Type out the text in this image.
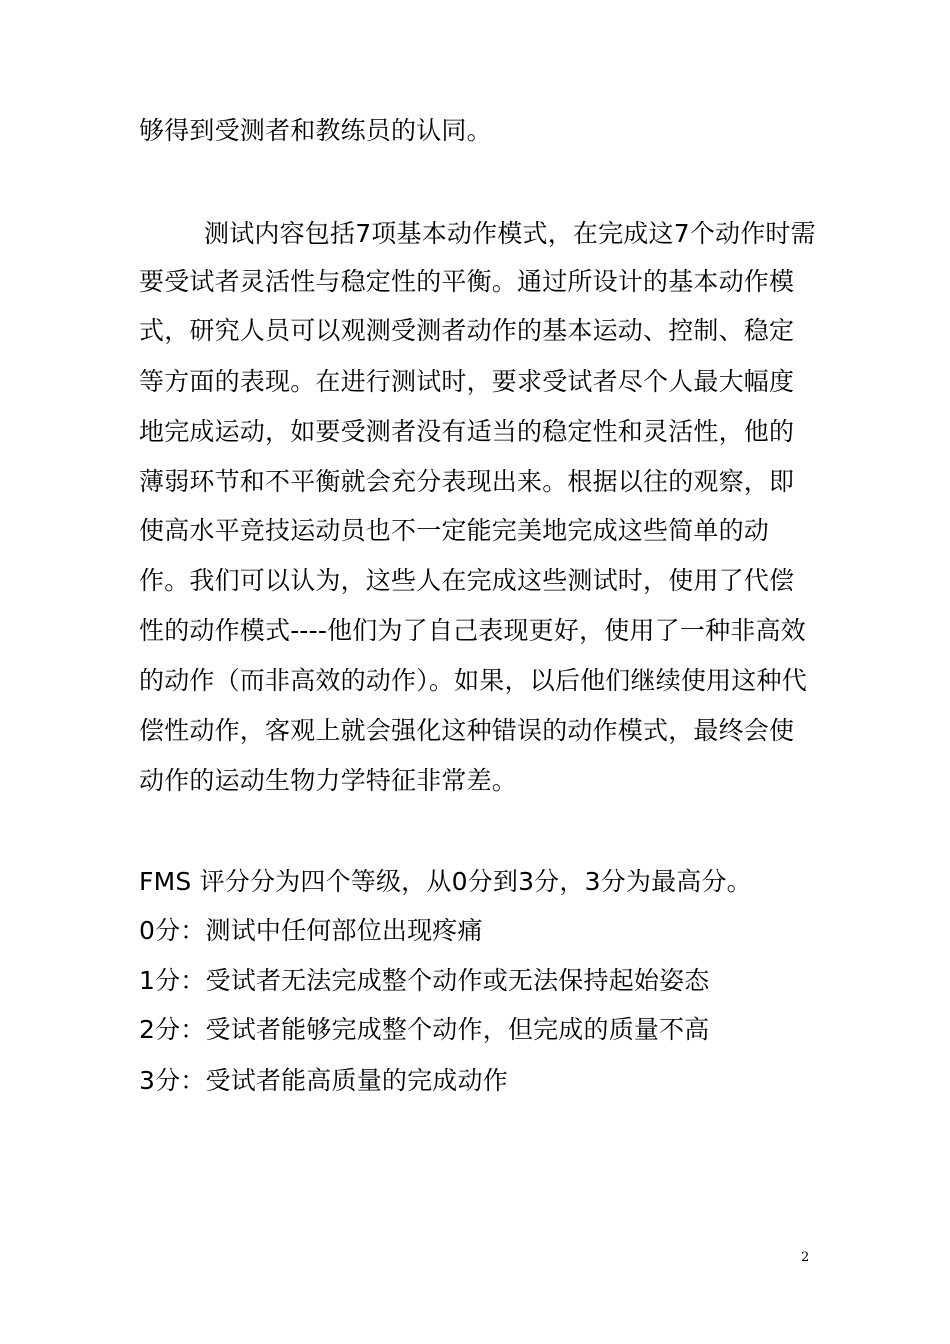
够得到受测者和教练员的认同。
测试内容包括7项基本动作模式，在完成这7个动作时需
要受试者灵活性与稳定性的平衡。通过所设计的基本动作模
式，研究人员可以观测受测者动作的基本运动、控制、稳定
等方面的表现。在进行测试时，要求受试者尽个人最大幅度
地完成运动，如要受测者没有适当的稳定性和灵活性，他的
薄弱环节和不平衡就会充分表现出来。根据以往的观察，即
使高水平竞技运动员也不一定能完美地完成这些简单的动
作。我们可以认为，这些人在完成这些测试时，使用了代偿
性的动作模式----他们为了自己表现更好，使用了一种非高效
的动作（而非高效的动作）。如果，以后他们继续使用这种代
偿性动作，客观上就会强化这种错误的动作模式，最终会使
动作的运动生物力学特征非常差。
FMS 评分分为四个等级，从0分到3分，3分为最高分。
0分：测试中任何部位出现疼痛
1分：受试者无法完成整个动作或无法保持起始姿态
2分：受试者能够完成整个动作，但完成的质量不高
3分：受试者能高质量的完成动作
2
